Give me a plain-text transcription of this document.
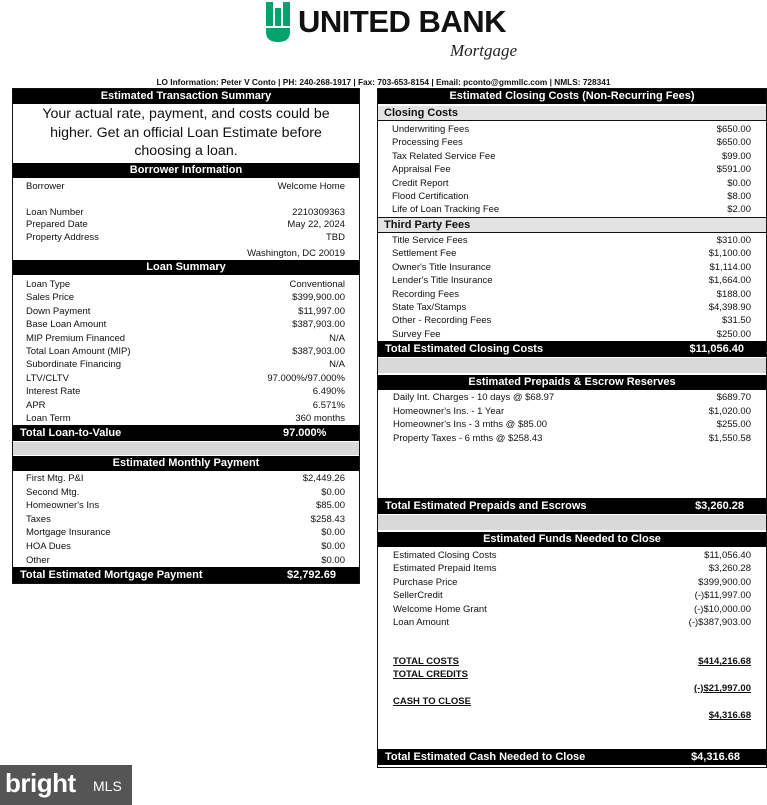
UNITED BANK
Mortgage
LO Information: Peter V Conto | PH: 240-268-1917 | Fax: 703-653-8154 | Email: pconto@gmmllc.com | NMLS: 728341
Estimated Transaction Summary
Your actual rate, payment, and costs could be
higher. Get an official Loan Estimate before
choosing a loan.
Borrower Information
Borrower	Welcome Home
Loan Number	2210309363
Prepared Date	May 22, 2024
Property Address	TBD
Washington, DC 20019
Loan Summary
Loan Type	Conventional
Sales Price	$399,900.00
Down Payment	$11,997.00
Base Loan Amount	$387,903.00
MIP Premium Financed	N/A
Total Loan Amount (MIP)	$387,903.00
Subordinate Financing	N/A
LTV/CLTV	97.000%/97.000%
Interest Rate	6.490%
APR	6.571%
Loan Term	360 months
Total Loan-to-Value	97.000%
Estimated Monthly Payment
First Mtg. P&I	$2,449.26
Second Mtg.	$0.00
Homeowner's Ins	$85.00
Taxes	$258.43
Mortgage Insurance	$0.00
HOA Dues	$0.00
Other	$0.00
Total Estimated Mortgage Payment	$2,792.69
Estimated Closing Costs (Non-Recurring Fees)
Closing Costs
Underwriting Fees	$650.00
Processing Fees	$650.00
Tax Related Service Fee	$99.00
Appraisal Fee	$591.00
Credit Report	$0.00
Flood Certification	$8.00
Life of Loan Tracking Fee	$2.00
Third Party Fees
Title Service Fees	$310.00
Settlement Fee	$1,100.00
Owner's Title Insurance	$1,114.00
Lender's Title Insurance	$1,664.00
Recording Fees	$188.00
State Tax/Stamps	$4,398.90
Other - Recording Fees	$31.50
Survey Fee	$250.00
Total Estimated Closing Costs	$11,056.40
Estimated Prepaids & Escrow Reserves
Daily Int. Charges - 10 days @ $68.97	$689.70
Homeowner's Ins. - 1 Year	$1,020.00
Homeowner's Ins - 3 mths @ $85.00	$255.00
Property Taxes - 6 mths @ $258.43	$1,550.58
Total Estimated Prepaids and Escrows	$3,260.28
Estimated Funds Needed to Close
Estimated Closing Costs	$11,056.40
Estimated Prepaid Items	$3,260.28
Purchase Price	$399,900.00
SellerCredit	(-)$11,997.00
Welcome Home Grant	(-)$10,000.00
Loan Amount	(-)$387,903.00
TOTAL COSTS	$414,216.68
TOTAL CREDITS
(-)$21,997.00
CASH TO CLOSE
$4,316.68
Total Estimated Cash Needed to Close	$4,316.68
bright MLS
